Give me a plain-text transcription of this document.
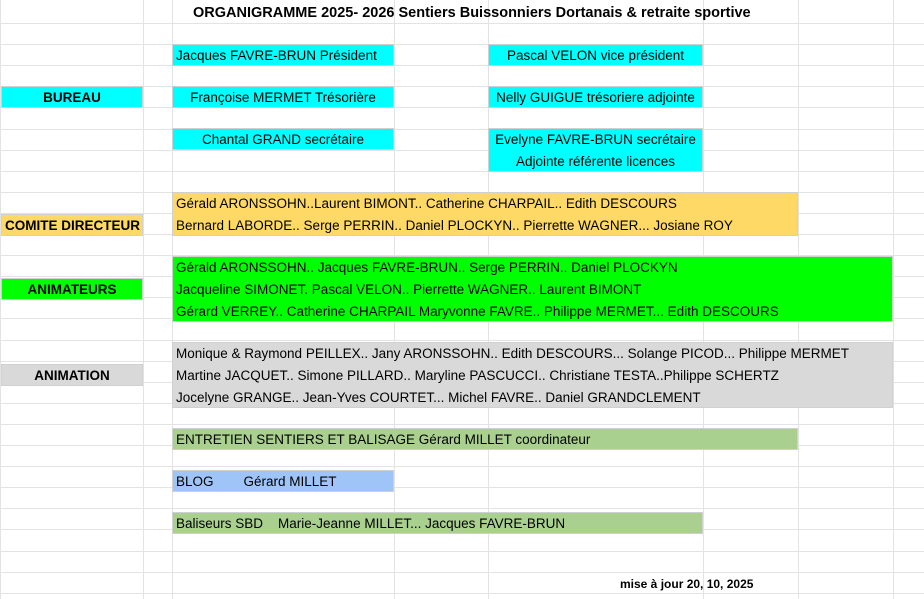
ORGANIGRAMME 2025- 2026 Sentiers Buissonniers Dortanais & retraite sportive
BUREAU
Jacques FAVRE-BRUN Président	Pascal VELON vice président
Françoise MERMET Trésorière	Nelly GUIGUE trésoriere adjointe
Chantal GRAND secrétaire	Evelyne FAVRE-BRUN secrétaire
Adjointe référente licences
COMITE DIRECTEUR
Gérald ARONSSOHN..Laurent BIMONT.. Catherine CHARPAIL.. Edith DESCOURS
Bernard LABORDE.. Serge PERRIN.. Daniel PLOCKYN.. Pierrette WAGNER... Josiane ROY
ANIMATEURS
Gérald ARONSSOHN.. Jacques FAVRE-BRUN.. Serge PERRIN.. Daniel PLOCKYN
Jacqueline SIMONET. Pascal VELON.. Pierrette WAGNER.. Laurent BIMONT
Gérard VERREY.. Catherine CHARPAIL Maryvonne FAVRE.. Philippe MERMET... Edith DESCOURS
ANIMATION
Monique & Raymond PEILLEX.. Jany ARONSSOHN.. Edith DESCOURS... Solange PICOD... Philippe MERMET
Martine JACQUET.. Simone PILLARD.. Maryline PASCUCCI.. Christiane TESTA..Philippe SCHERTZ
Jocelyne GRANGE.. Jean-Yves COURTET... Michel FAVRE.. Daniel GRANDCLEMENT
ENTRETIEN SENTIERS ET BALISAGE Gérard MILLET coordinateur
BLOG        Gérard MILLET
Baliseurs SBD    Marie-Jeanne MILLET... Jacques FAVRE-BRUN
mise à jour 20, 10, 2025
